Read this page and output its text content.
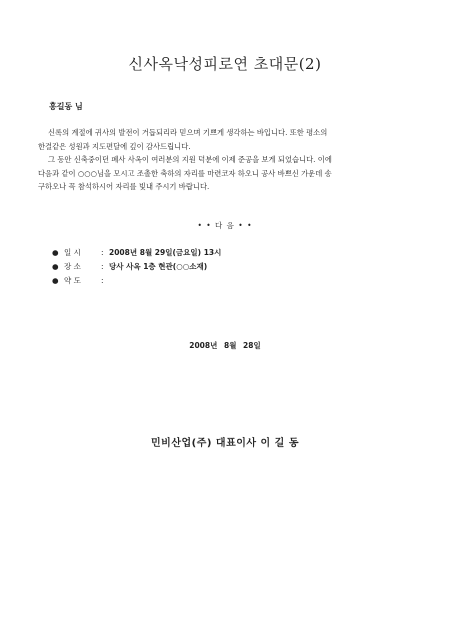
신사옥낙성피로연 초대문(2)
홍길동 님

신록의 계절에 귀사의 발전이 거듭되리라 믿으며 기쁘게 생각하는 바입니다. 또한 평소의

한결같은 성원과 지도편달에 깊이 감사드립니다.

그 동안 신축중이던 폐사 사옥이 여러분의 지원 덕분에 이제 준공을 보게 되었습니다. 이에

다음과 같이 ○○○님을 모시고 조촐한 축하의 자리를 마련코자 하오니 공사 바쁘신 가운데 송

구하오나 꼭 참석하시어 자리를 빛내 주시기 바랍니다.

• • 다 음 • •
● 일 시	: 2008년 8월 29일(금요일) 13시
● 장 소	: 당사 사옥 1층 현관(○○소재)
● 약 도	:
2008년 8월 28일
민비산업(주) 대표이사 이 길 동
